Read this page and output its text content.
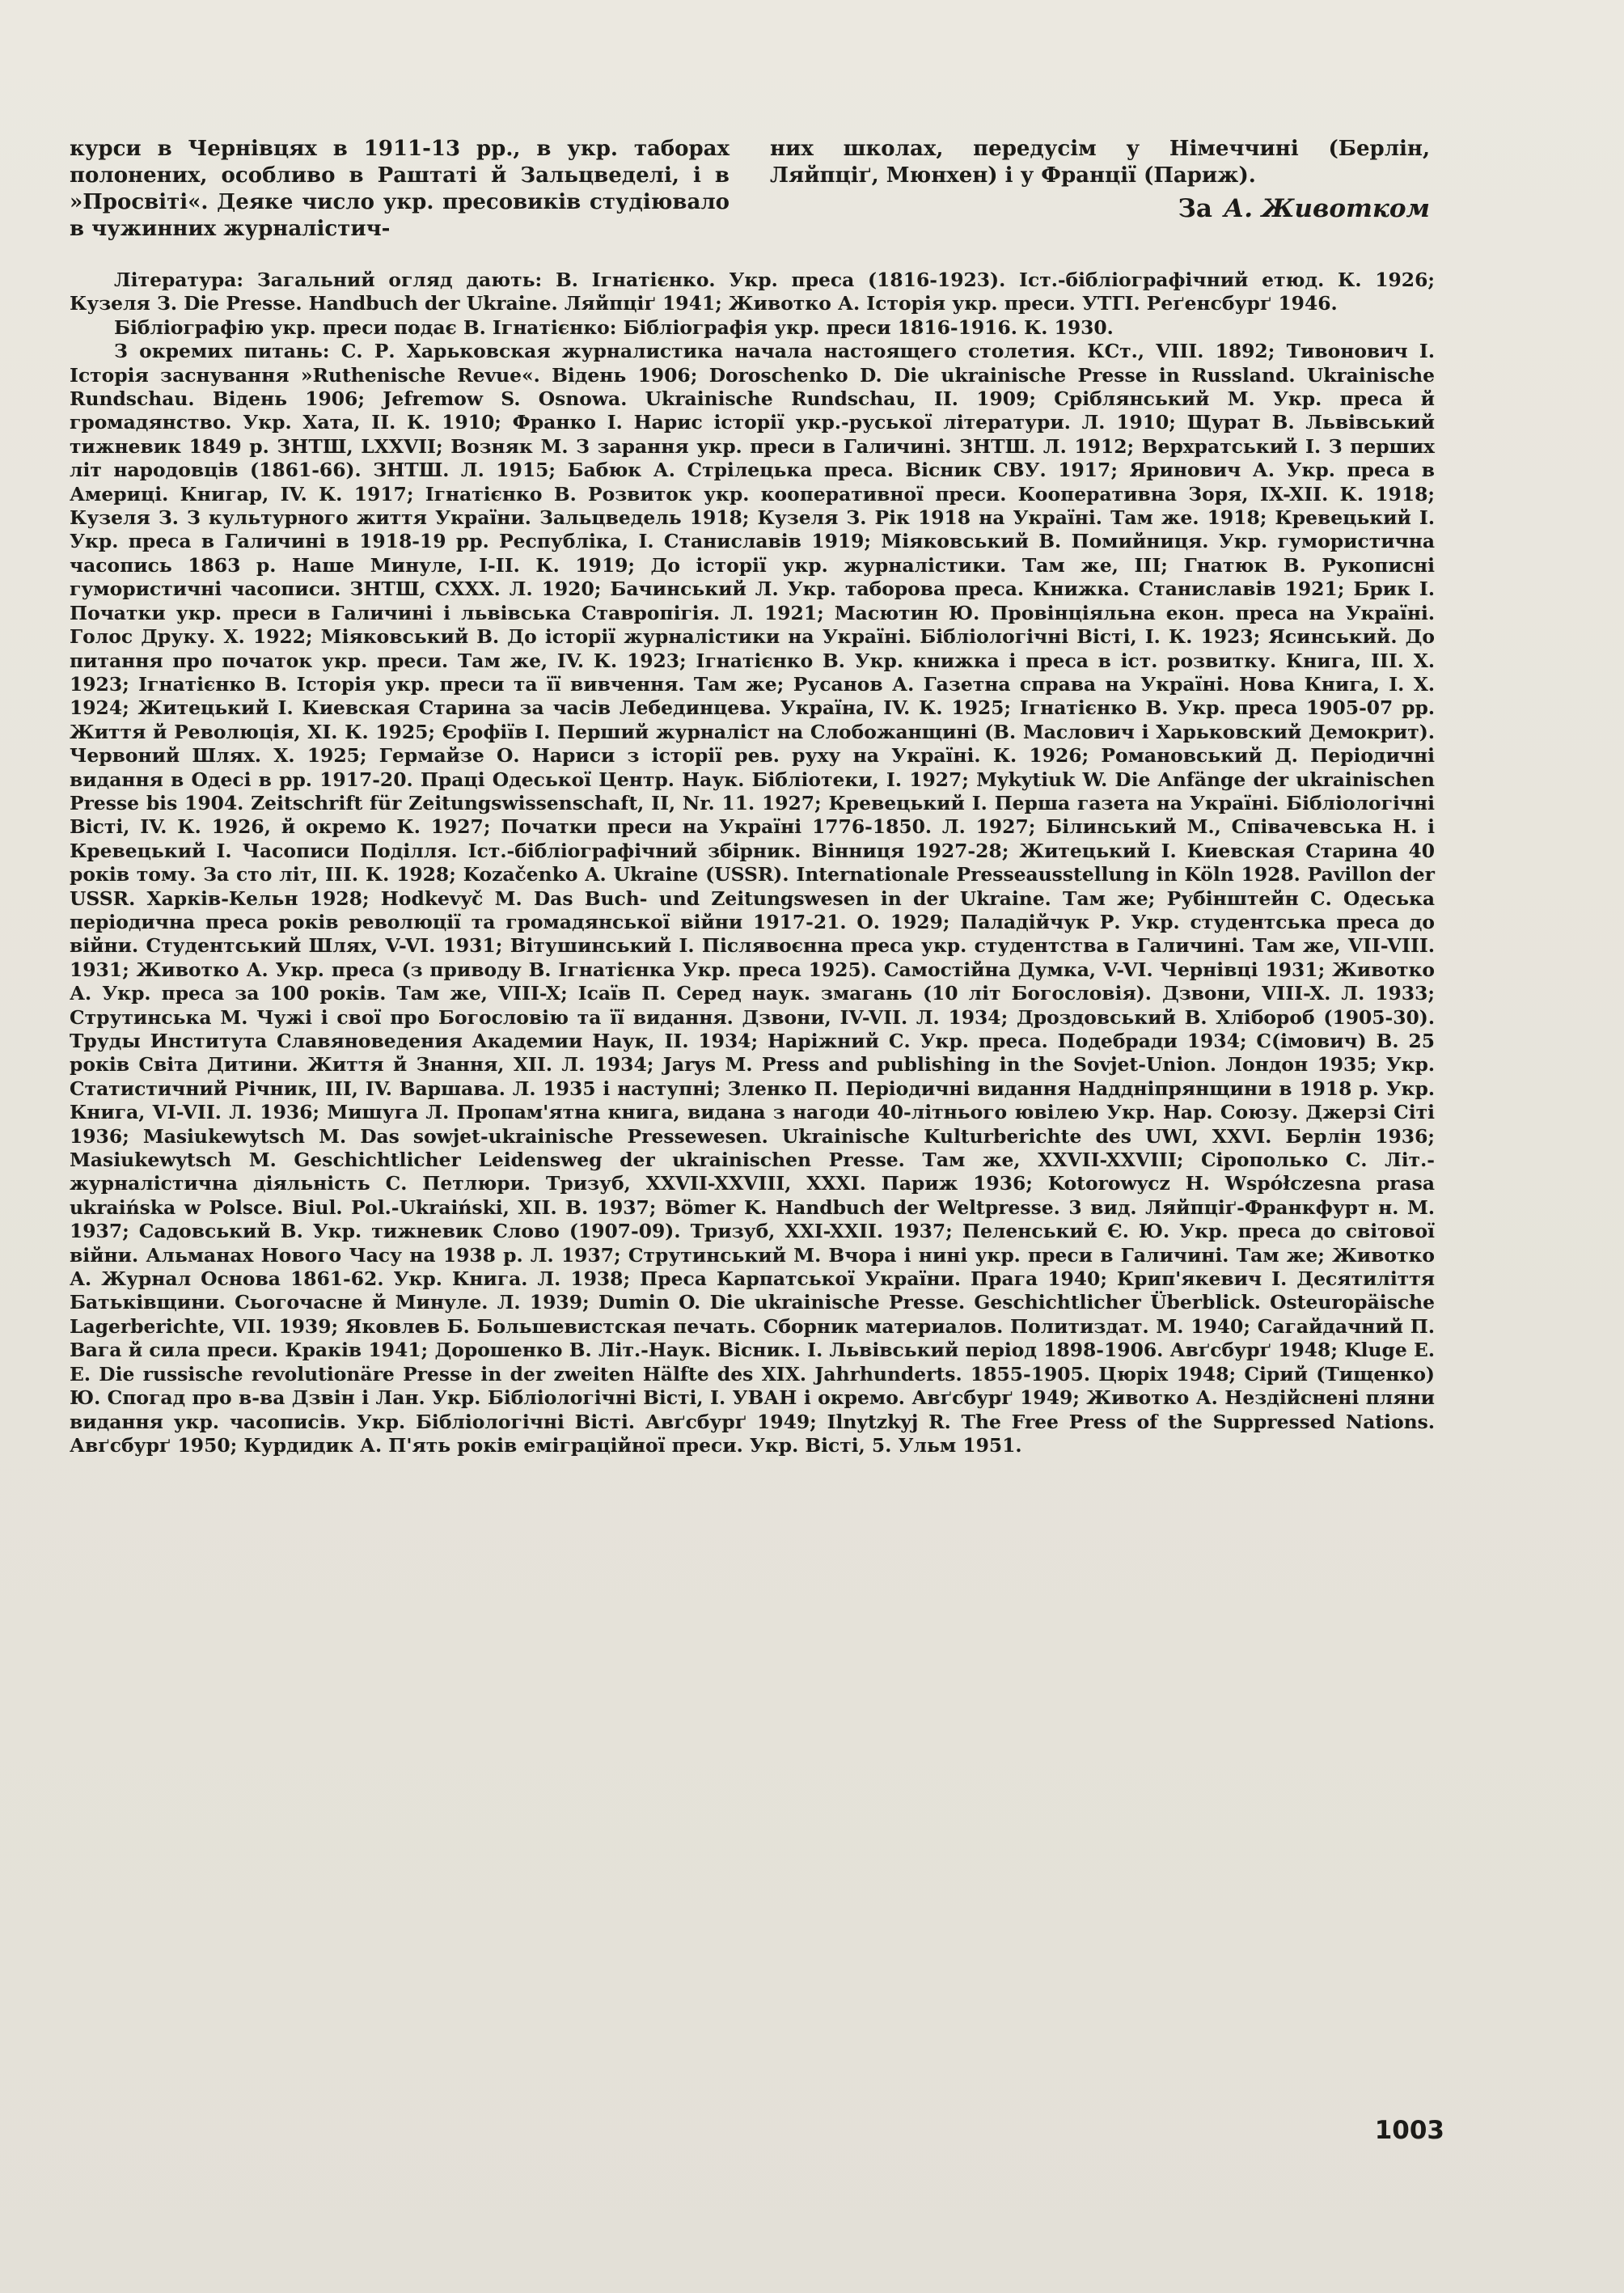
курси в Чернівцях в 1911-13 рр., в укр. таборах полонених, особливо в Раштаті й Зальцведелі, і в »Просвіті«. Деяке число укр. пресовиків студіювало в чужинних журналістич-

них школах, передусім у Німеччині (Берлін, Ляйпціґ, Мюнхен) і у Франції (Париж).

За А. Животком

Література: Загальний огляд дають: В. Ігнатієнко. Укр. преса (1816-1923). Іст.-бібліографічний етюд. К. 1926; Кузеля З. Die Presse. Handbuch der Ukraine. Ляйпціґ 1941; Животко А. Історія укр. преси. УТГІ. Реґенсбурґ 1946.

Бібліографію укр. преси подає В. Ігнатієнко: Бібліографія укр. преси 1816-1916. К. 1930.

З окремих питань: С. Р. Харьковская журналистика начала настоящего столетия. КСт., VIII. 1892; Тивонович І. Історія заснування »Ruthenische Revue«. Відень 1906; Doroschenko D. Die ukrainische Presse in Russland. Ukrainische Rundschau. Відень 1906; Jefremow S. Osnowa. Ukrainische Rundschau, II. 1909; Сріблянський М. Укр. преса й громадянство. Укр. Хата, II. К. 1910; Франко І. Нарис історії укр.-руської літератури. Л. 1910; Щурат В. Львівський тижневик 1849 р. ЗНТШ, LXXVII; Возняк М. З зарання укр. преси в Галичині. ЗНТШ. Л. 1912; Верхратський І. З перших літ народовців (1861-66). ЗНТШ. Л. 1915; Бабюк А. Стрілецька преса. Вісник СВУ. 1917; Яринович А. Укр. преса в Америці. Книгар, IV. К. 1917; Ігнатієнко В. Розвиток укр. кооперативної преси. Кооперативна Зоря, IX-XII. К. 1918; Кузеля З. З культурного життя України. Зальцведель 1918; Кузеля З. Рік 1918 на Україні. Там же. 1918; Кревецький І. Укр. преса в Галичині в 1918-19 рр. Республіка, І. Станиславів 1919; Міяковський В. Помийниця. Укр. гумористична часопись 1863 р. Наше Минуле, I-II. К. 1919; До історії укр. журналістики. Там же, III; Гнатюк В. Рукописні гумористичні часописи. ЗНТШ, CXXX. Л. 1920; Бачинський Л. Укр. таборова преса. Книжка. Станиславів 1921; Брик І. Початки укр. преси в Галичині і львівська Ставропігія. Л. 1921; Масютин Ю. Провінціяльна екон. преса на Україні. Голос Друку. Х. 1922; Міяковський В. До історії журналістики на Україні. Бібліологічні Вісті, І. К. 1923; Ясинський. До питання про початок укр. преси. Там же, IV. К. 1923; Ігнатієнко В. Укр. книжка і преса в іст. розвитку. Книга, III. Х. 1923; Ігнатієнко В. Історія укр. преси та її вивчення. Там же; Русанов А. Газетна справа на Україні. Нова Книга, І. Х. 1924; Житецький І. Киевская Старина за часів Лебединцева. Україна, IV. К. 1925; Ігнатієнко В. Укр. преса 1905-07 рр. Життя й Революція, XI. К. 1925; Єрофіїв І. Перший журналіст на Слобожанщині (В. Маслович і Харьковский Демокрит). Червоний Шлях. Х. 1925; Гермайзе О. Нариси з історії рев. руху на Україні. К. 1926; Романовський Д. Періодичні видання в Одесі в рр. 1917-20. Праці Одеської Центр. Наук. Бібліотеки, І. 1927; Mykytiuk W. Die Anfänge der ukrainischen Presse bis 1904. Zeitschrift für Zeitungswissenschaft, II, Nr. 11. 1927; Кревецький І. Перша газета на Україні. Бібліологічні Вісті, IV. К. 1926, й окремо К. 1927; Початки преси на Україні 1776-1850. Л. 1927; Білинський М., Співачевська Н. і Кревецький І. Часописи Поділля. Іст.-бібліографічний збірник. Вінниця 1927-28; Житецький І. Киевская Старина 40 років тому. За сто літ, III. К. 1928; Kozačenko A. Ukraine (USSR). Internationale Presseausstellung in Köln 1928. Pavillon der USSR. Харків-Кельн 1928; Hodkevyč M. Das Buch- und Zeitungswesen in der Ukraine. Там же; Рубінштейн С. Одеська періодична преса років революції та громадянської війни 1917-21. О. 1929; Паладійчук Р. Укр. студентська преса до війни. Студентський Шлях, V-VI. 1931; Вітушинський І. Післявоєнна преса укр. студентства в Галичині. Там же, VII-VIII. 1931; Животко А. Укр. преса (з приводу В. Ігнатієнка Укр. преса 1925). Самостійна Думка, V-VI. Чернівці 1931; Животко А. Укр. преса за 100 років. Там же, VIII-X; Ісаїв П. Серед наук. змагань (10 літ Богословія). Дзвони, VIII-X. Л. 1933; Струтинська М. Чужі і свої про Богословію та її видання. Дзвони, IV-VII. Л. 1934; Дроздовський В. Хлібороб (1905-30). Труды Института Славяноведения Академии Наук, II. 1934; Наріжний С. Укр. преса. Подебради 1934; С(імович) В. 25 років Світа Дитини. Життя й Знання, XII. Л. 1934; Jarys M. Press and publishing in the Sovjet-Union. Лондон 1935; Укр. Статистичний Річник, III, IV. Варшава. Л. 1935 і наступні; Зленко П. Періодичні видання Наддніпрянщини в 1918 р. Укр. Книга, VI-VII. Л. 1936; Мишуга Л. Пропам'ятна книга, видана з нагоди 40-літнього ювілею Укр. Нар. Союзу. Джерзі Сіті 1936; Masiukewytsch M. Das sowjet-ukrainische Pressewesen. Ukrainische Kulturberichte des UWI, XXVI. Берлін 1936; Masiukewytsch M. Geschichtlicher Leidensweg der ukrainischen Presse. Там же, XXVII-XXVIII; Сірополько С. Літ.-журналістична діяльність С. Петлюри. Тризуб, XXVII-XXVIII, XXXI. Париж 1936; Kotorowycz H. Współczesna prasa ukraińska w Polsce. Biul. Pol.-Ukraiński, XII. В. 1937; Bömer K. Handbuch der Weltpresse. 3 вид. Ляйпціґ-Франкфурт н. М. 1937; Садовський В. Укр. тижневик Слово (1907-09). Тризуб, XXI-XXII. 1937; Пеленський Є. Ю. Укр. преса до світової війни. Альманах Нового Часу на 1938 р. Л. 1937; Струтинський М. Вчора і нині укр. преси в Галичині. Там же; Животко А. Журнал Основа 1861-62. Укр. Книга. Л. 1938; Преса Карпатської України. Прага 1940; Крип'якевич І. Десятиліття Батьківщини. Сьогочасне й Минуле. Л. 1939; Dumin O. Die ukrainische Presse. Geschichtlicher Überblick. Osteuropäische Lagerberichte, VII. 1939; Яковлев Б. Большевистская печать. Сборник материалов. Политиздат. М. 1940; Сагайдачний П. Вага й сила преси. Краків 1941; Дорошенко В. Літ.-Наук. Вісник. І. Львівський період 1898-1906. Авґсбурґ 1948; Kluge E. E. Die russische revolutionäre Presse in der zweiten Hälfte des XIX. Jahrhunderts. 1855-1905. Цюріх 1948; Сірий (Тищенко) Ю. Спогад про в-ва Дзвін і Лан. Укр. Бібліологічні Вісті, І. УВАН і окремо. Авґсбурґ 1949; Животко А. Нездійснені пляни видання укр. часописів. Укр. Бібліологічні Вісті. Авґсбурґ 1949; Ilnytzkyj R. The Free Press of the Suppressed Nations. Авґсбурґ 1950; Курдидик А. П'ять років еміграційної преси. Укр. Вісті, 5. Ульм 1951.

1003
